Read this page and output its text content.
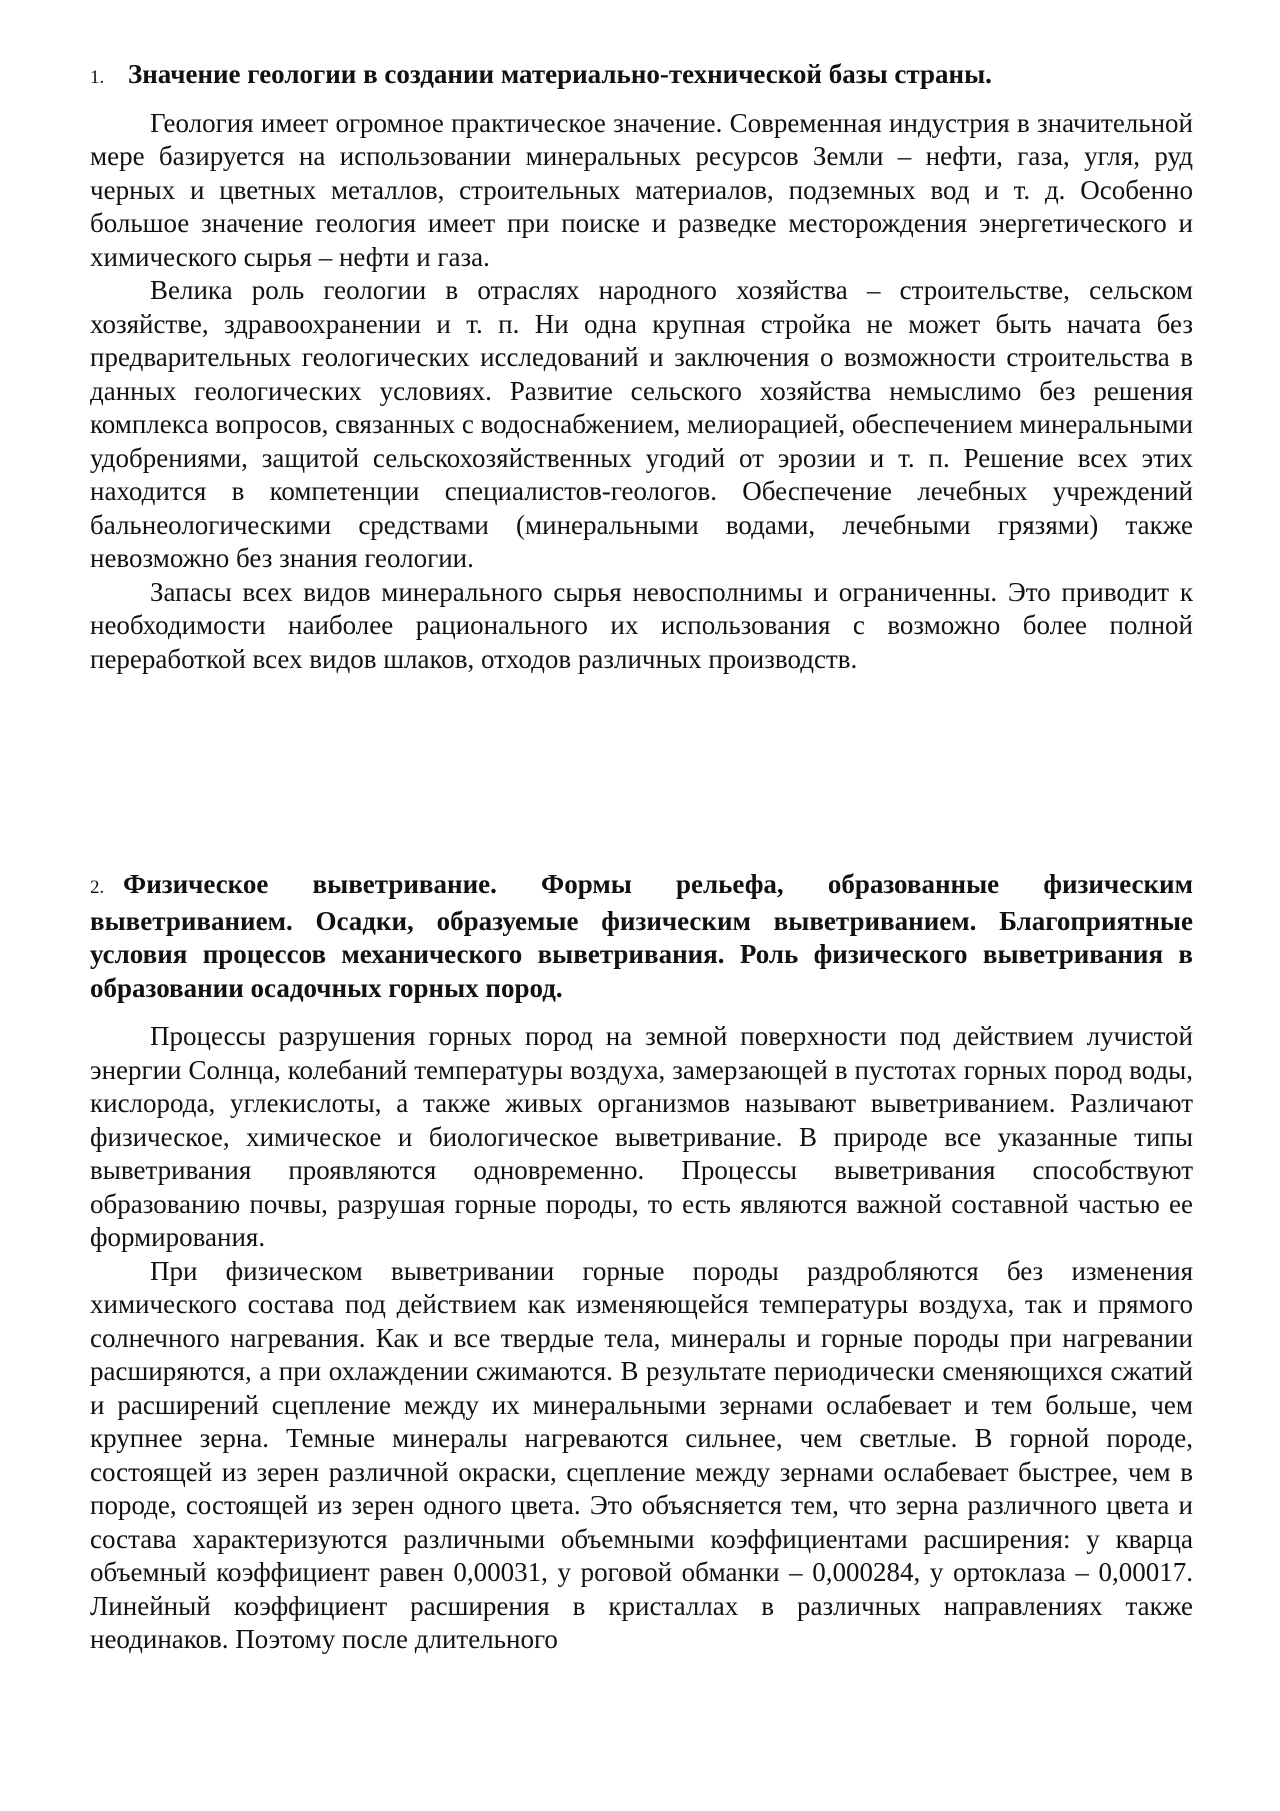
1. Значение геологии в создании материально-технической базы страны.

Геология имеет огромное практическое значение. Современная индустрия в значительной мере базируется на использовании минеральных ресурсов Земли – нефти, газа, угля, руд черных и цветных металлов, строительных материалов, подземных вод и т. д. Особенно большое значение геология имеет при поиске и разведке месторождения энергетического и химического сырья – нефти и газа.

Велика роль геологии в отраслях народного хозяйства – строительстве, сельском хозяйстве, здравоохранении и т. п. Ни одна крупная стройка не может быть начата без предварительных геологических исследований и заключения о возможности строительства в данных геологических условиях. Развитие сельского хозяйства немыслимо без решения комплекса вопросов, связанных с водоснабжением, мелиорацией, обеспечением минеральными удобрениями, защитой сельскохозяйственных угодий от эрозии и т. п. Решение всех этих находится в компетенции специалистов-геологов. Обеспечение лечебных учреждений бальнеологическими средствами (минеральными водами, лечебными грязями) также невозможно без знания геологии.

Запасы всех видов минерального сырья невосполнимы и ограниченны. Это приводит к необходимости наиболее рационального их использования с возможно более полной переработкой всех видов шлаков, отходов различных производств.

2. Физическое выветривание. Формы рельефа, образованные физическим выветриванием. Осадки, образуемые физическим выветриванием. Благоприятные условия процессов механического выветривания. Роль физического выветривания в образовании осадочных горных пород.

Процессы разрушения горных пород на земной поверхности под действием лучистой энергии Солнца, колебаний температуры воздуха, замерзающей в пустотах горных пород воды, кислорода, углекислоты, а также живых организмов называют выветриванием. Различают физическое, химическое и биологическое выветривание. В природе все указанные типы выветривания проявляются одновременно. Процессы выветривания способствуют образованию почвы, разрушая горные породы, то есть являются важной составной частью ее формирования.

При физическом выветривании горные породы раздробляются без изменения химического состава под действием как изменяющейся температуры воздуха, так и прямого солнечного нагревания. Как и все твердые тела, минералы и горные породы при нагревании расширяются, а при охлаждении сжимаются. В результате периодически сменяющихся сжатий и расширений сцепление между их минеральными зернами ослабевает и тем больше, чем крупнее зерна. Темные минералы нагреваются сильнее, чем светлые. В горной породе, состоящей из зерен различной окраски, сцепление между зернами ослабевает быстрее, чем в породе, состоящей из зерен одного цвета. Это объясняется тем, что зерна различного цвета и состава характеризуются различными объемными коэффициентами расширения: у кварца объемный коэффициент равен 0,00031, у роговой обманки – 0,000284, у ортоклаза – 0,00017. Линейный коэффициент расширения в кристаллах в различных направлениях также неодинаков. Поэтому после длительного
